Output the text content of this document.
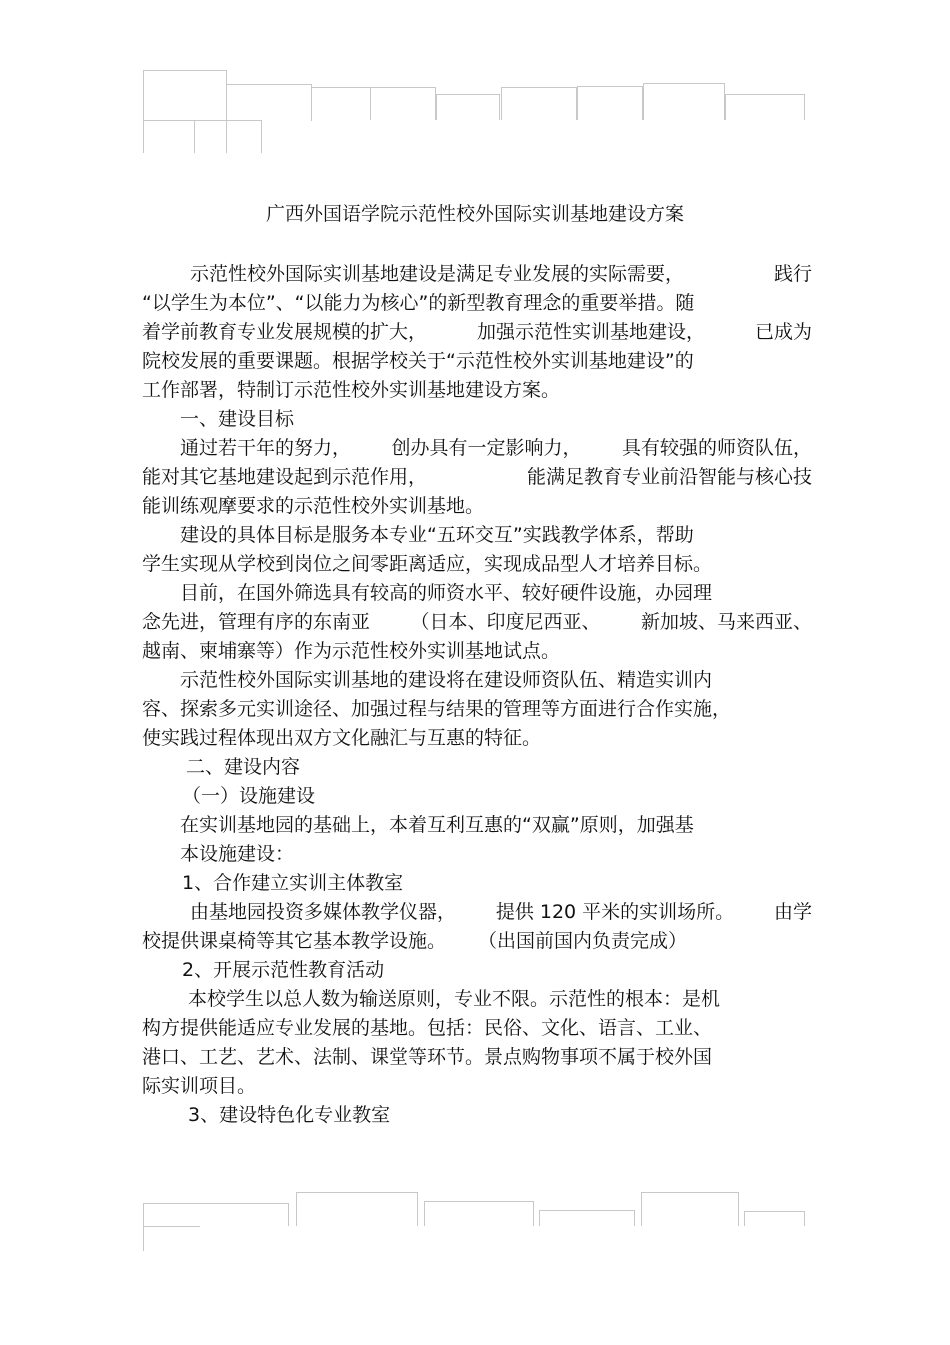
广西外国语学院示范性校外国际实训基地建设方案

示范性校外国际实训基地建设是满足专业发展的实际需要，	践行

“以学生为本位”、“以能力为核心”的新型教育理念的重要举措。随

着学前教育专业发展规模的扩大，	加强示范性实训基地建设，	已成为

院校发展的重要课题。根据学校关于“示范性校外实训基地建设”的

工作部署，特制订示范性校外实训基地建设方案。

一、建设目标

通过若干年的努力， 创办具有一定影响力， 具有较强的师资队伍，

能对其它基地建设起到示范作用，	能满足教育专业前沿智能与核心技

能训练观摩要求的示范性校外实训基地。

建设的具体目标是服务本专业“五环交互”实践教学体系，帮助

学生实现从学校到岗位之间零距离适应，实现成品型人才培养目标。

目前，在国外筛选具有较高的师资水平、较好硬件设施，办园理

念先进，管理有序的东南亚 （日本、印度尼西亚、 新加坡、马来西亚、

越南、柬埔寨等）作为示范性校外实训基地试点。

示范性校外国际实训基地的建设将在建设师资队伍、精造实训内

容、探索多元实训途径、加强过程与结果的管理等方面进行合作实施，

使实践过程体现出双方文化融汇与互惠的特征。

二、建设内容

（一）设施建设

在实训基地园的基础上，本着互利互惠的“双赢”原则，加强基

本设施建设：

1、合作建立实训主体教室

由基地园投资多媒体教学仪器， 提供 120 平米的实训场所。 由学

校提供课桌椅等其它基本教学设施。 （出国前国内负责完成）

2、开展示范性教育活动

本校学生以总人数为输送原则，专业不限。示范性的根本：是机

构方提供能适应专业发展的基地。包括：民俗、文化、语言、工业、

港口、工艺、艺术、法制、课堂等环节。景点购物事项不属于校外国

际实训项目。

3、建设特色化专业教室
